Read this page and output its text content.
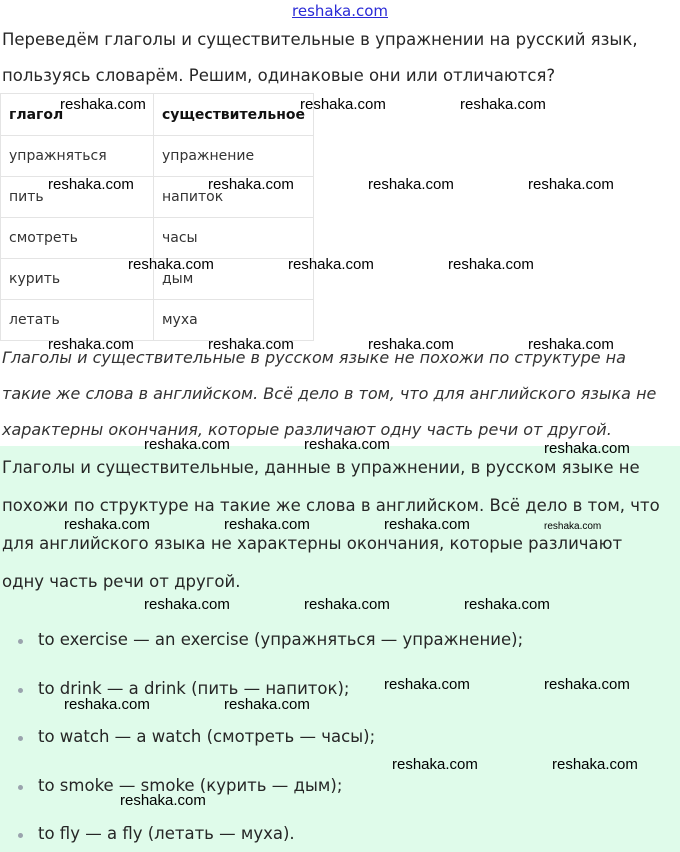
reshaka.com
Переведём глаголы и существительные в упражнении на русский язык,
пользуясь словарём. Решим, одинаковые они или отличаются?
глагол	существительное
упражняться	упражнение
пить	напиток
смотреть	часы
курить	дым
летать	муха
Глаголы и существительные в русском языке не похожи по структуре на
такие же слова в английском. Всё дело в том, что для английского языка не
характерны окончания, которые различают одну часть речи от другой.
Глаголы и существительные, данные в упражнении, в русском языке не
похожи по структуре на такие же слова в английском. Всё дело в том, что
для английского языка не характерны окончания, которые различают
одну часть речи от другой.
to exercise — an exercise (упражняться — упражнение);
to drink — a drink (пить — напиток);
to watch — a watch (смотреть — часы);
to smoke — smoke (курить — дым);
to fly — a fly (летать — муха).
reshaka.com	reshaka.com	reshaka.com
reshaka.com	reshaka.com	reshaka.com	reshaka.com
reshaka.com	reshaka.com	reshaka.com
reshaka.com	reshaka.com	reshaka.com	reshaka.com
reshaka.com	reshaka.com	reshaka.com
reshaka.com	reshaka.com	reshaka.com	reshaka.com
reshaka.com	reshaka.com	reshaka.com
reshaka.com	reshaka.com
reshaka.com	reshaka.com
reshaka.com	reshaka.com
reshaka.com
